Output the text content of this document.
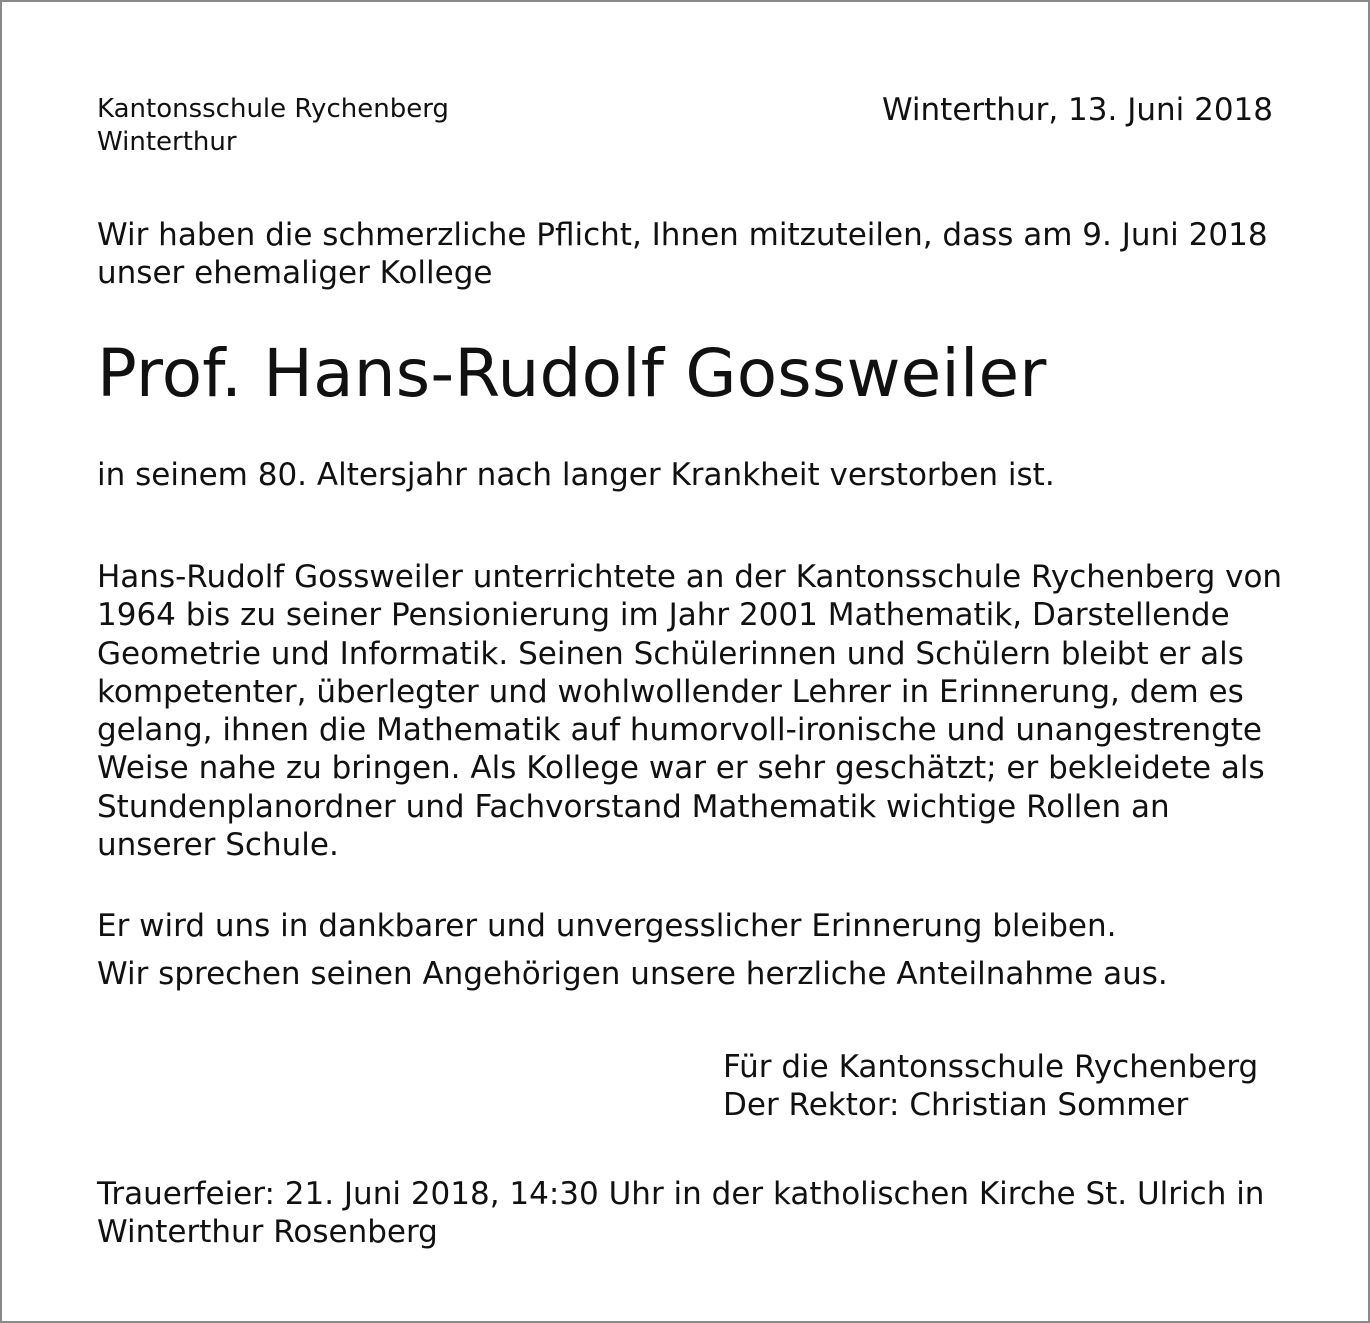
Kantonsschule Rychenberg
Winterthur
Winterthur, 13. Juni 2018
Wir haben die schmerzliche Pflicht, Ihnen mitzuteilen, dass am 9. Juni 2018
unser ehemaliger Kollege
Prof. Hans-Rudolf Gossweiler
in seinem 80. Altersjahr nach langer Krankheit verstorben ist.
Hans-Rudolf Gossweiler unterrichtete an der Kantonsschule Rychenberg von
1964 bis zu seiner Pensionierung im Jahr 2001 Mathematik, Darstellende
Geometrie und Informatik. Seinen Schülerinnen und Schülern bleibt er als
kompetenter, überlegter und wohlwollender Lehrer in Erinnerung, dem es
gelang, ihnen die Mathematik auf humorvoll-ironische und unangestrengte
Weise nahe zu bringen. Als Kollege war er sehr geschätzt; er bekleidete als
Stundenplanordner und Fachvorstand Mathematik wichtige Rollen an
unserer Schule.
Er wird uns in dankbarer und unvergesslicher Erinnerung bleiben.
Wir sprechen seinen Angehörigen unsere herzliche Anteilnahme aus.
Für die Kantonsschule Rychenberg
Der Rektor: Christian Sommer
Trauerfeier: 21. Juni 2018, 14:30 Uhr in der katholischen Kirche St. Ulrich in
Winterthur Rosenberg
